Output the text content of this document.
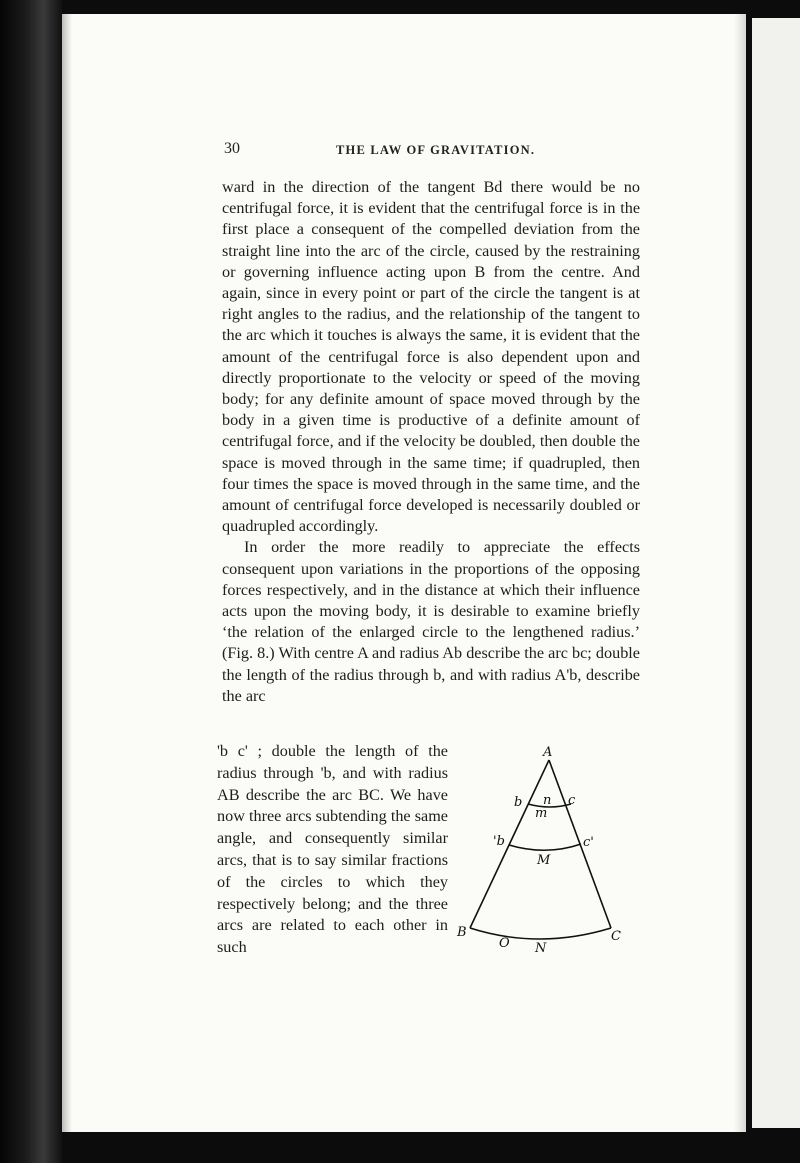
30	THE LAW OF GRAVITATION.

ward in the direction of the tangent Bd there would be no centrifugal force, it is evident that the centrifugal force is in the first place a consequent of the compelled deviation from the straight line into the arc of the circle, caused by the restraining or governing influence acting upon B from the centre. And again, since in every point or part of the circle the tangent is at right angles to the radius, and the relationship of the tangent to the arc which it touches is always the same, it is evident that the amount of the centrifugal force is also dependent upon and directly proportionate to the velocity or speed of the moving body; for any definite amount of space moved through by the body in a given time is productive of a definite amount of centrifugal force, and if the velocity be doubled, then double the space is moved through in the same time; if quadrupled, then four times the space is moved through in the same time, and the amount of centrifugal force developed is necessarily doubled or quadrupled accordingly.

In order the more readily to appreciate the effects consequent upon variations in the proportions of the opposing forces respectively, and in the distance at which their influence acts upon the moving body, it is desirable to examine briefly ‘the relation of the enlarged circle to the lengthened radius.’ (Fig. 8.) With centre A and radius Ab describe the arc bc; double the length of the radius through b, and with radius A'b, describe the arc

'b c' ; double the length of the radius through 'b, and with radius AB describe the arc BC. We have now three arcs subtending the same angle, and consequently similar arcs, that is to say similar fractions of the circles to which they respectively belong; and the three arcs are related to each other in such
A
b n
m
c
'b	c'
M
B
O N
C
